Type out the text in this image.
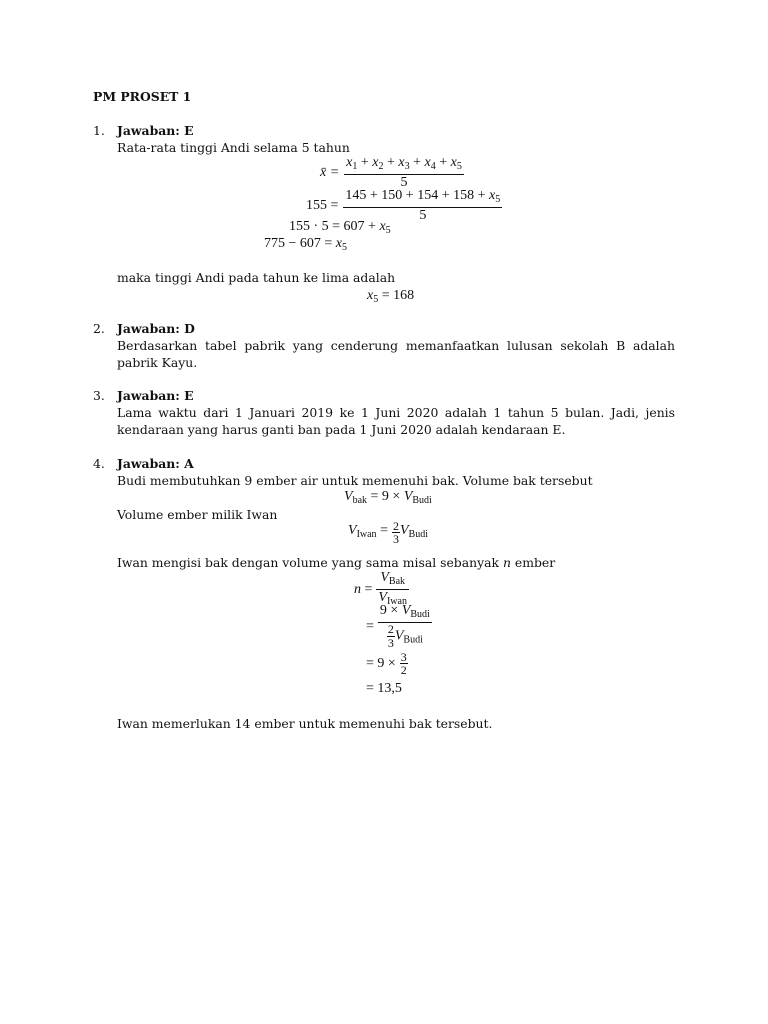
PM PROSET 1
1. Jawaban: E
Rata-rata tinggi Andi selama 5 tahun
x̄ = $\frac{x_1 + x_2 + x_3 + x_4 + x_5}{5}$
$155 = \frac{145 + 150 + 154 + 158 + x_5}{5}$
$155 \cdot 5 = 607 + x_5$
$775 - 607 = x_5$
maka tinggi Andi pada tahun ke lima adalah
$x_5 = 168$
2. Jawaban: D
Berdasarkan tabel pabrik yang cenderung memanfaatkan lulusan sekolah B adalah pabrik Kayu.
3. Jawaban: E
Lama waktu dari 1 Januari 2019 ke 1 Juni 2020 adalah 1 tahun 5 bulan. Jadi, jenis kendaraan yang harus ganti ban pada 1 Juni 2020 adalah kendaraan E.
4. Jawaban: A
Budi membutuhkan 9 ember air untuk memenuhi bak. Volume bak tersebut
$V_{bak} = 9 \times V_{Budi}$
Volume ember milik Iwan
$V_{Iwan} = \frac{2}{3} V_{Budi}$
Iwan mengisi bak dengan volume yang sama misal sebanyak n ember
$n = \frac{V_{Bak}}{V_{Iwan}}$
= $\frac{9 \times V_{Budi}}{\frac{2}{3} V_{Budi}}$
= $9 \times \frac{3}{2}$
= 13,5
Iwan memerlukan 14 ember untuk memenuhi bak tersebut.
